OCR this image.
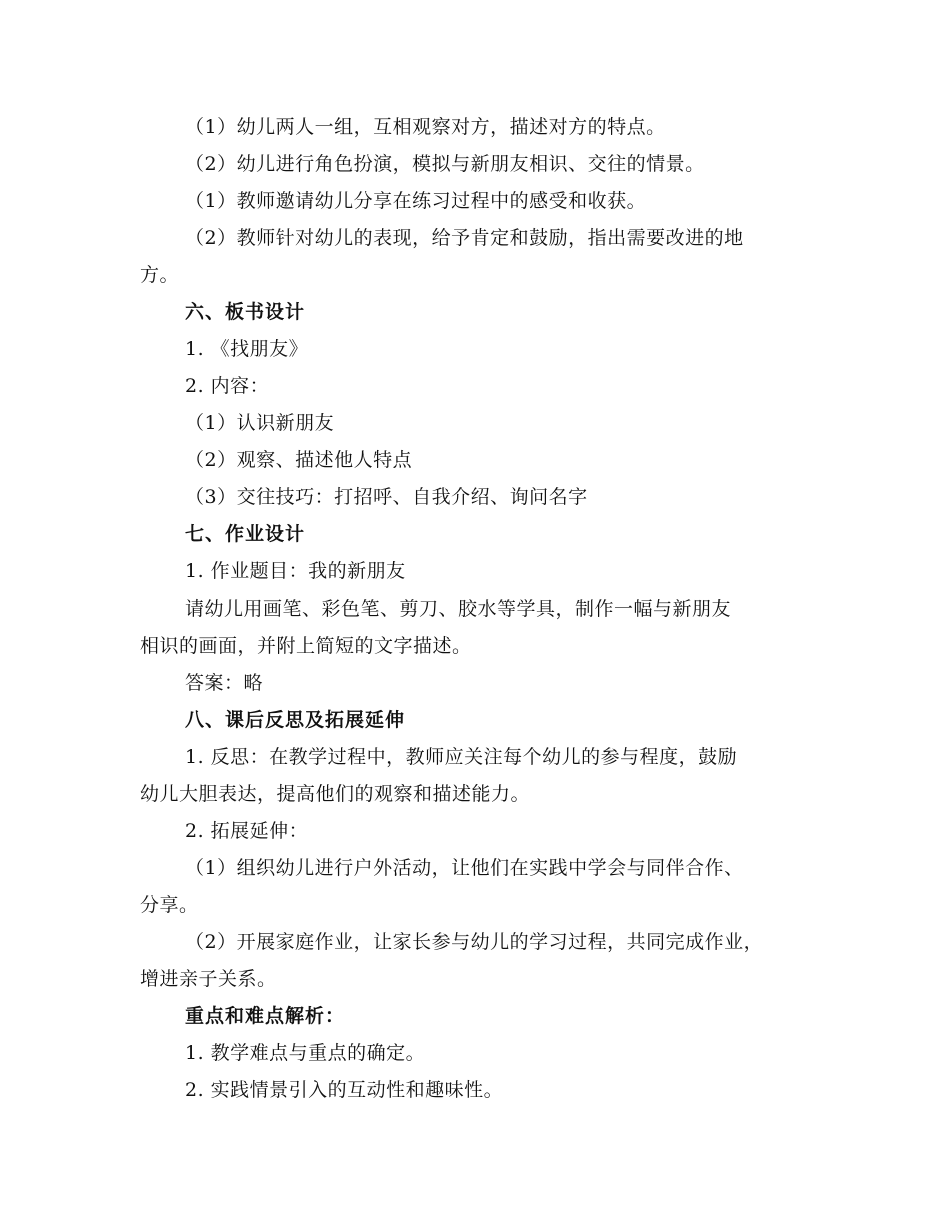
（1）幼儿两人一组，互相观察对方，描述对方的特点。
（2）幼儿进行角色扮演，模拟与新朋友相识、交往的情景。
（1）教师邀请幼儿分享在练习过程中的感受和收获。
（2）教师针对幼儿的表现，给予肯定和鼓励，指出需要改进的地
方。
六、板书设计
1. 《找朋友》
2. 内容：
（1）认识新朋友
（2）观察、描述他人特点
（3）交往技巧：打招呼、自我介绍、询问名字
七、作业设计
1. 作业题目：我的新朋友
请幼儿用画笔、彩色笔、剪刀、胶水等学具，制作一幅与新朋友
相识的画面，并附上简短的文字描述。
答案：略
八、课后反思及拓展延伸
1. 反思：在教学过程中，教师应关注每个幼儿的参与程度，鼓励
幼儿大胆表达，提高他们的观察和描述能力。
2. 拓展延伸：
（1）组织幼儿进行户外活动，让他们在实践中学会与同伴合作、
分享。
（2）开展家庭作业，让家长参与幼儿的学习过程，共同完成作业，
增进亲子关系。
重点和难点解析：
1. 教学难点与重点的确定。
2. 实践情景引入的互动性和趣味性。
